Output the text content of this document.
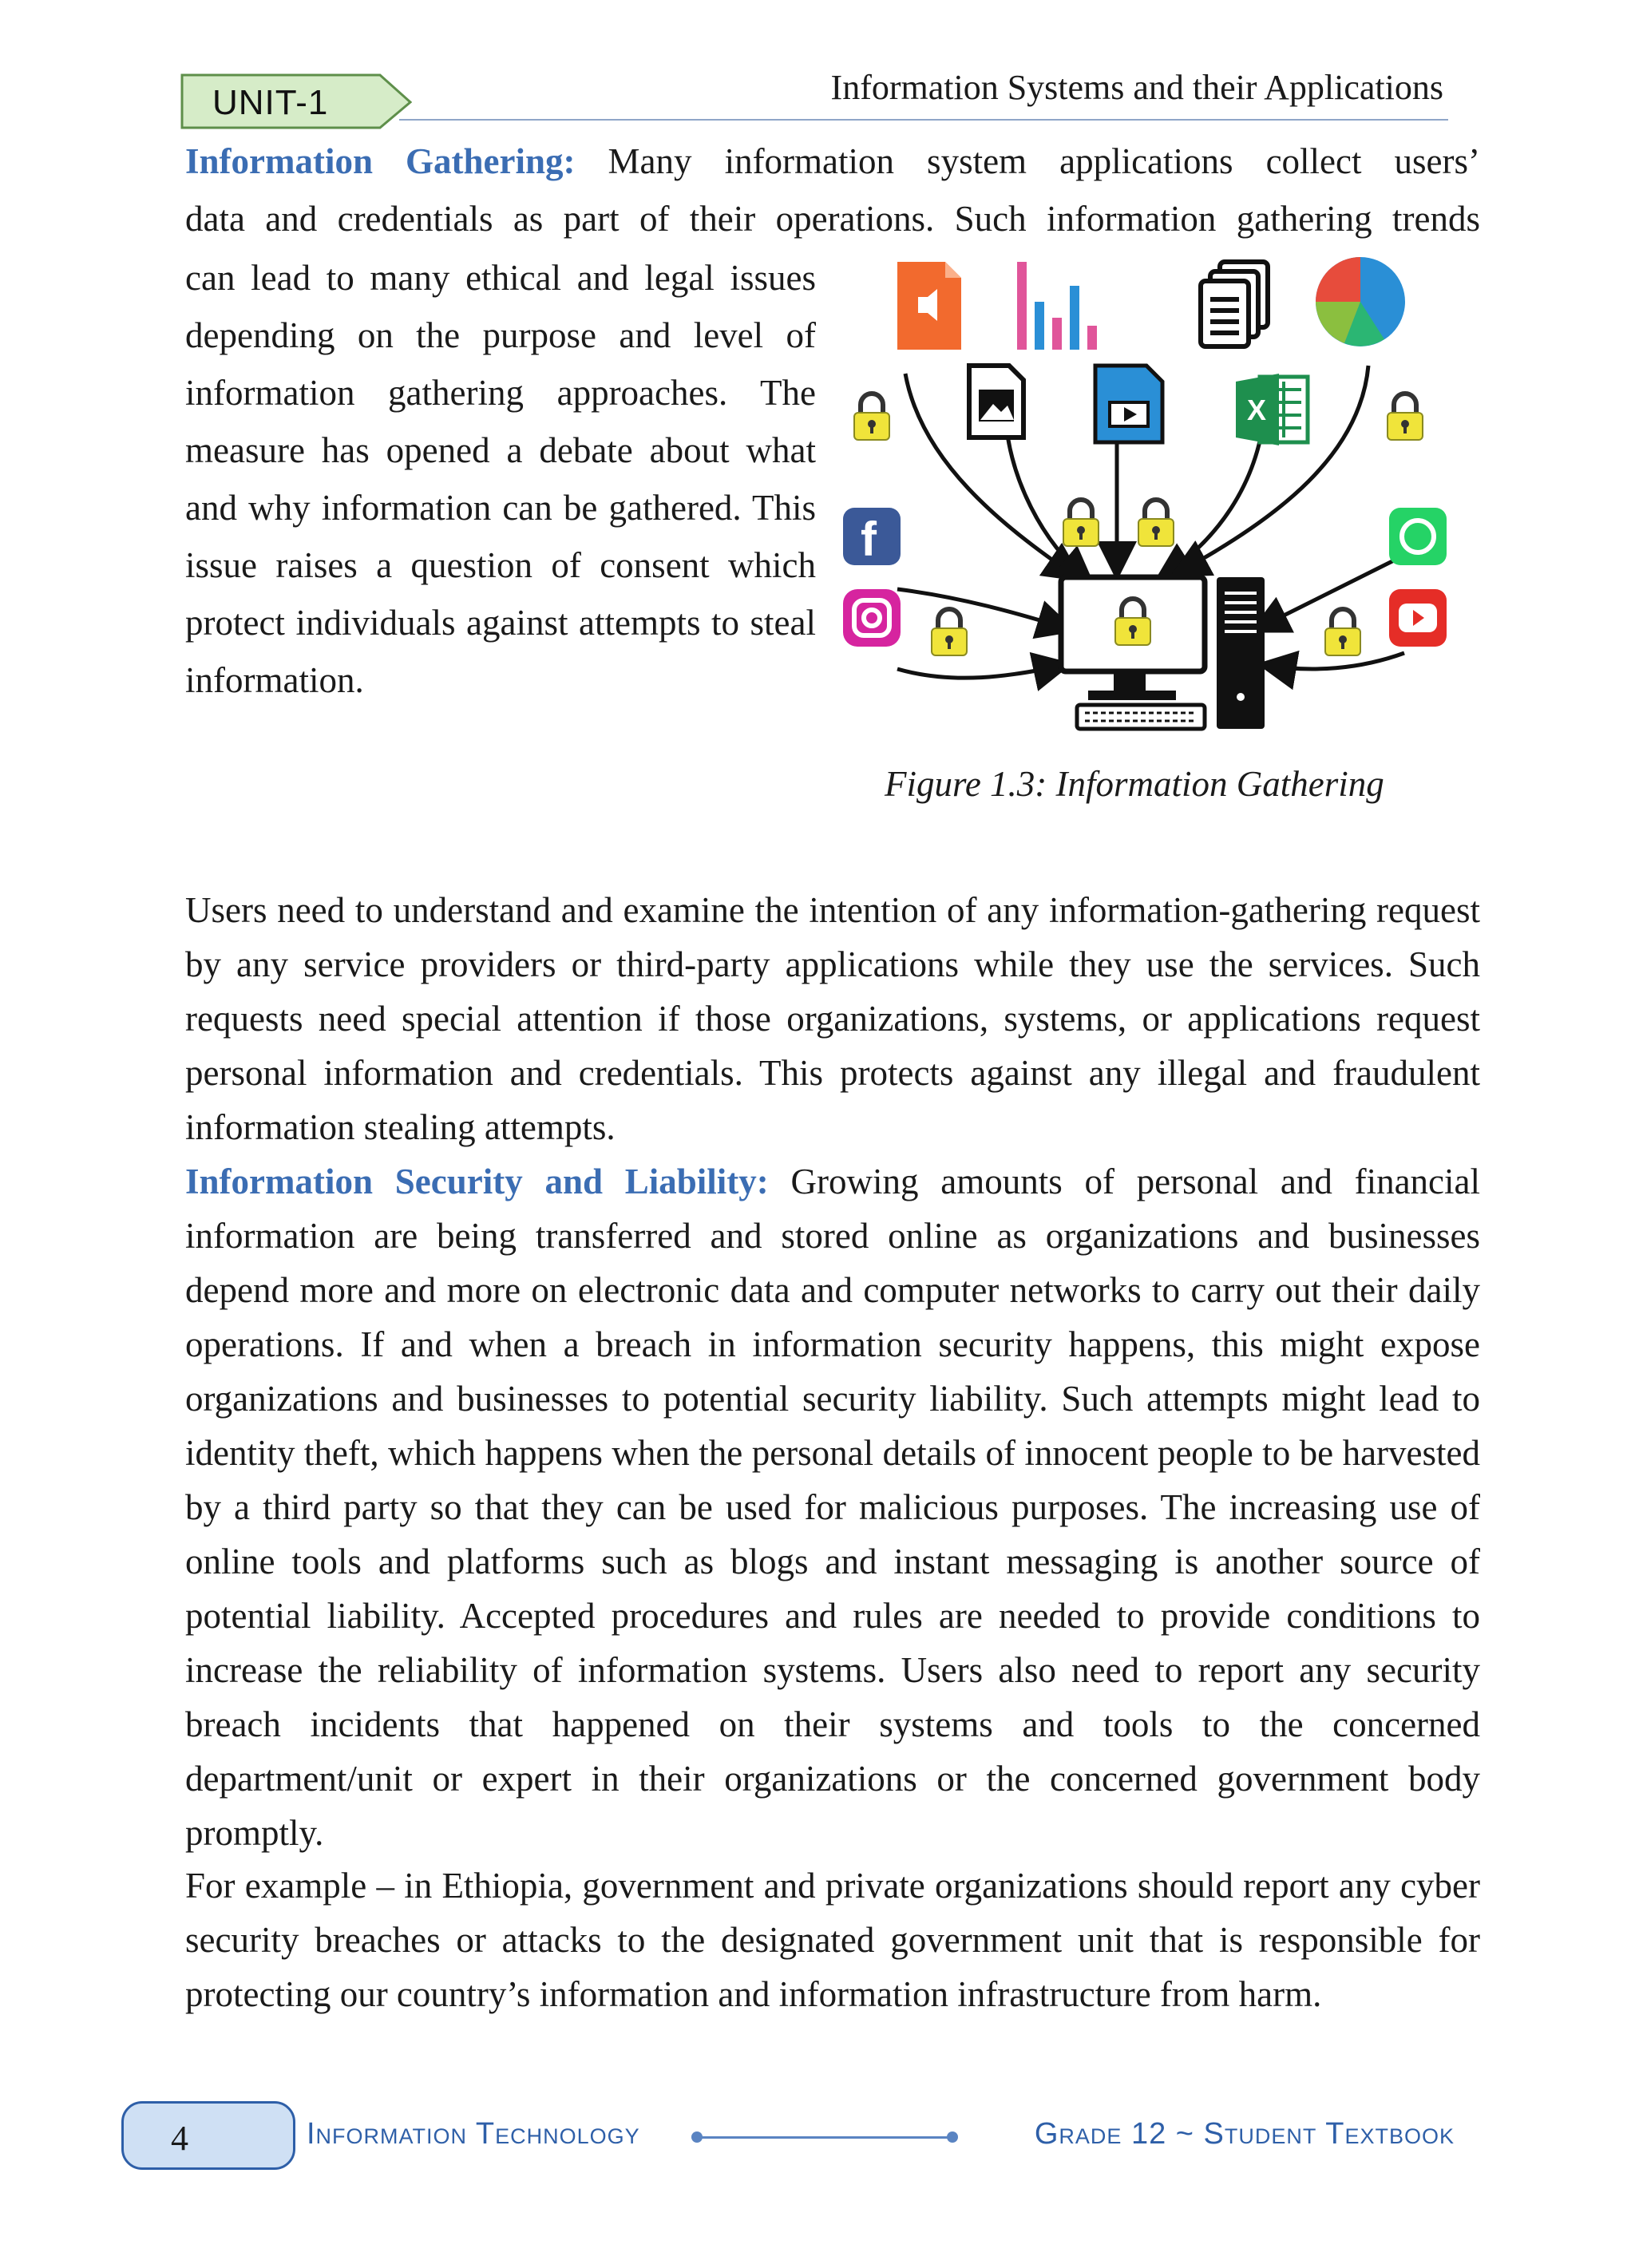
UNIT-1	Information Systems and their Applications
Information Gathering: Many information system applications collect users’
data and credentials as part of their operations. Such information gathering trends
can lead to many ethical and legal issues depending on the purpose and level of information gathering approaches. The measure has opened a debate about what and why information can be gathered. This issue raises a question of consent which protect individuals against attempts to steal information.
X
f
Figure 1.3: Information Gathering
Users need to understand and examine the intention of any information-gathering request by any service providers or third-party applications while they use the services. Such requests need special attention if those organizations, systems, or applications request personal information and credentials. This protects against any illegal and fraudulent information stealing attempts.
Information Security and Liability: Growing amounts of personal and financial information are being transferred and stored online as organizations and businesses depend more and more on electronic data and computer networks to carry out their daily operations. If and when a breach in information security happens, this might expose organizations and businesses to potential security liability. Such attempts might lead to identity theft, which happens when the personal details of innocent people to be harvested by a third party so that they can be used for malicious purposes. The increasing use of online tools and platforms such as blogs and instant messaging is another source of potential liability. Accepted procedures and rules are needed to provide conditions to increase the reliability of information systems. Users also need to report any security breach incidents that happened on their systems and tools to the concerned department/unit or expert in their organizations or the concerned government body promptly.
For example – in Ethiopia, government and private organizations should report any cyber security breaches or attacks to the designated government unit that is responsible for protecting our country’s information and information infrastructure from harm.
4	Information Technology	Grade 12 ~ Student Textbook
